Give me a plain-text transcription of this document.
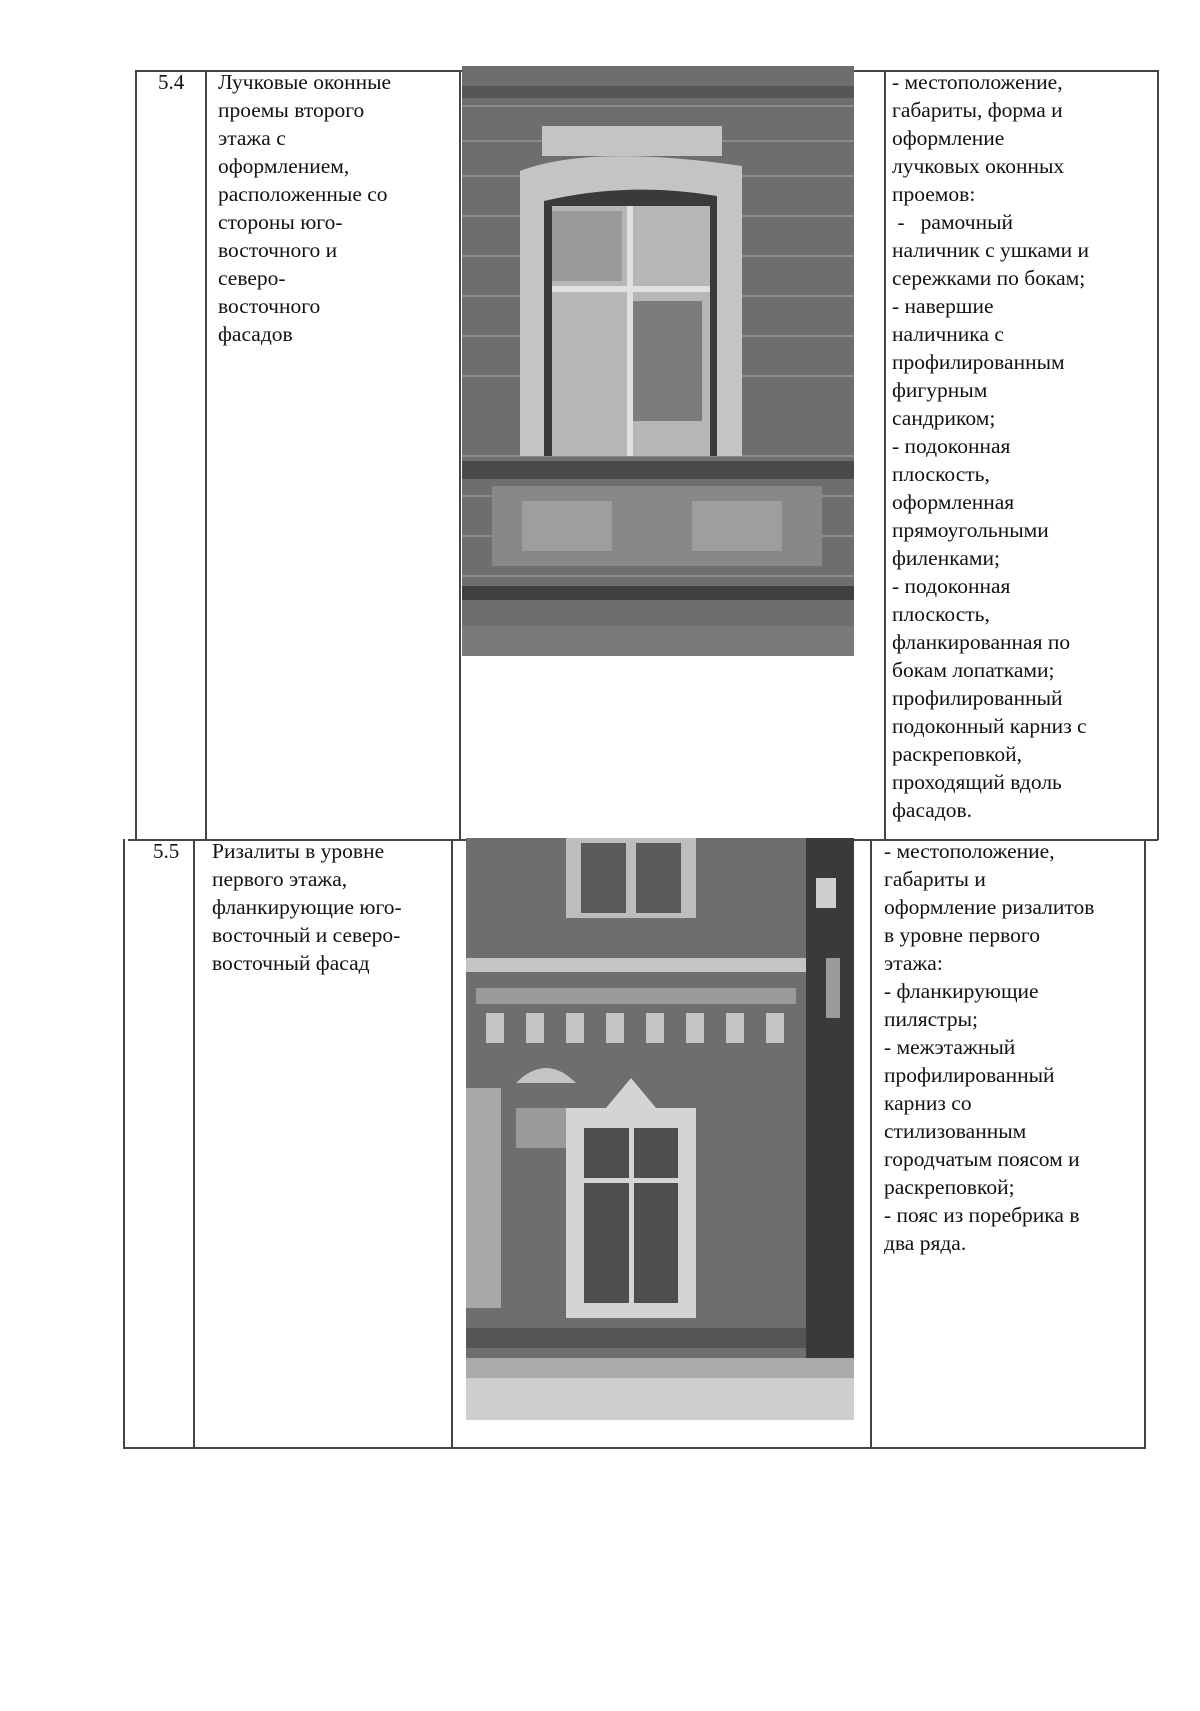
5.4 Лучковые оконные
проемы второго
этажа с
оформлением,
расположенные со
стороны юго-
восточного и
северо-
восточного
фасадов
- местоположение,
габариты, форма и
оформление
лучковых оконных
проемов:
-   рамочный
наличник с ушками и
сережками по бокам;
- навершие
наличника с
профилированным
фигурным
сандриком;
- подоконная
плоскость,
оформленная
прямоугольными
филенками;
- подоконная
плоскость,
фланкированная по
бокам лопатками;
профилированный
подоконный карниз с
раскреповкой,
проходящий вдоль
фасадов.
5.5 Ризалиты в уровне
первого этажа,
фланкирующие юго-
восточный и северо-
восточный фасад
- местоположение,
габариты и
оформление ризалитов
в уровне первого
этажа:
- фланкирующие
пилястры;
- межэтажный
профилированный
карниз со
стилизованным
городчатым поясом и
раскреповкой;
- пояс из поребрика в
два ряда.
